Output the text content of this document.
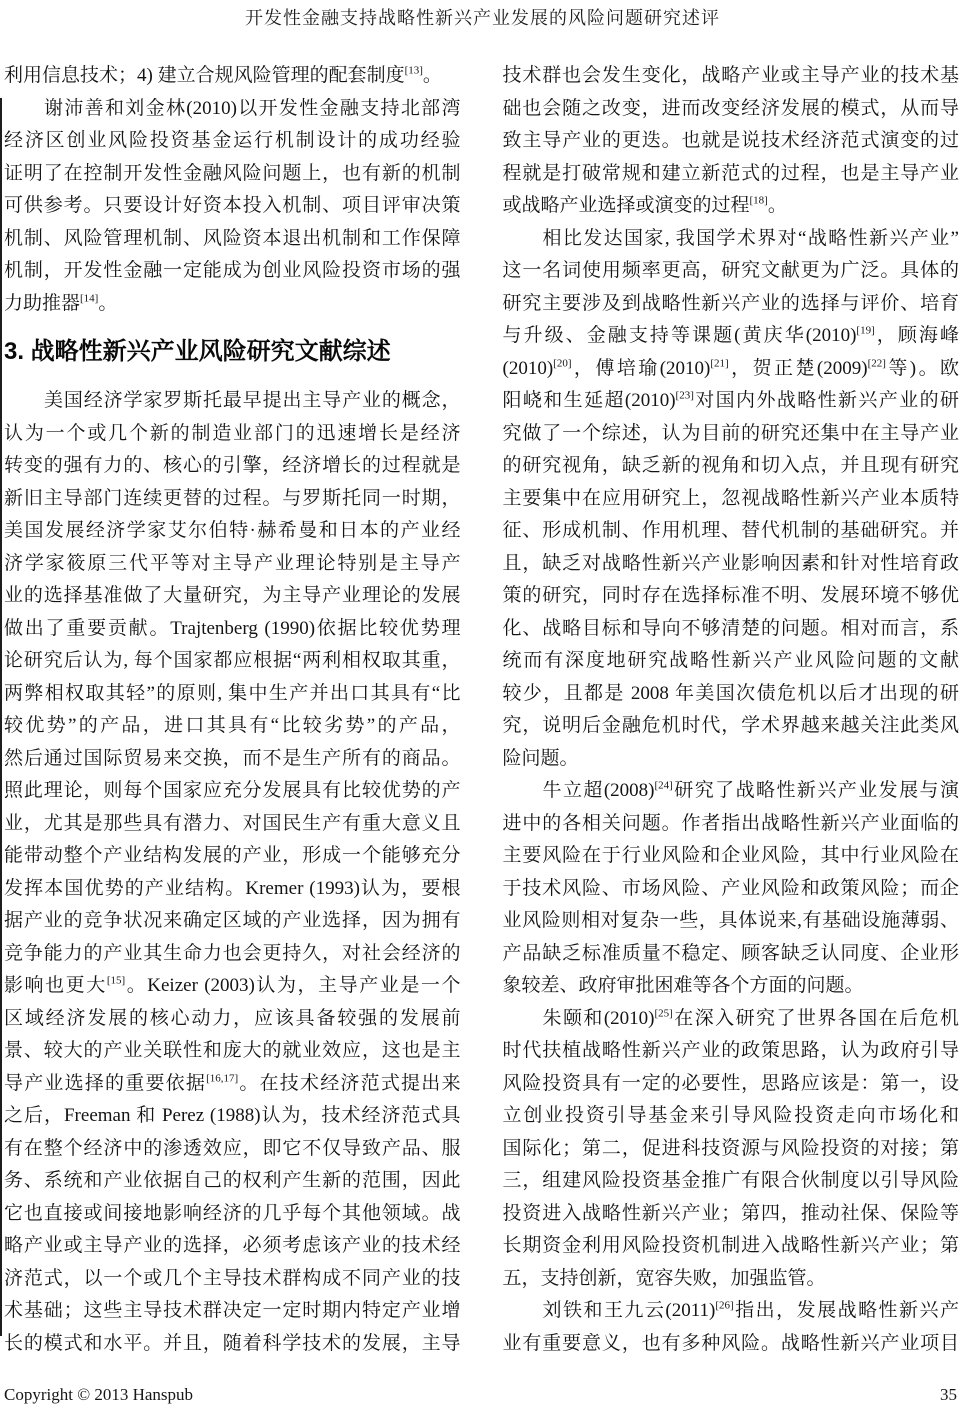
开发性金融支持战略性新兴产业发展的风险问题研究述评
利用信息技术；4) 建立合规风险管理的配套制度[13]。
谢沛善和刘金林(2010)以开发性金融支持北部湾
经济区创业风险投资基金运行机制设计的成功经验
证明了在控制开发性金融风险问题上，也有新的机制
可供参考。只要设计好资本投入机制、项目评审决策
机制、风险管理机制、风险资本退出机制和工作保障
机制，开发性金融一定能成为创业风险投资市场的强
力助推器[14]。
3. 战略性新兴产业风险研究文献综述
美国经济学家罗斯托最早提出主导产业的概念，
认为一个或几个新的制造业部门的迅速增长是经济
转变的强有力的、核心的引擎，经济增长的过程就是
新旧主导部门连续更替的过程。与罗斯托同一时期，
美国发展经济学家艾尔伯特·赫希曼和日本的产业经
济学家筱原三代平等对主导产业理论特别是主导产
业的选择基准做了大量研究，为主导产业理论的发展
做出了重要贡献。Trajtenberg (1990)依据比较优势理
论研究后认为, 每个国家都应根据“两利相权取其重，
两弊相权取其轻”的原则, 集中生产并出口其具有“比
较优势”的产品，进口其具有“比较劣势”的产品，
然后通过国际贸易来交换，而不是生产所有的商品。
照此理论，则每个国家应充分发展具有比较优势的产
业，尤其是那些具有潜力、对国民生产有重大意义且
能带动整个产业结构发展的产业，形成一个能够充分
发挥本国优势的产业结构。Kremer (1993)认为，要根
据产业的竞争状况来确定区域的产业选择，因为拥有
竞争能力的产业其生命力也会更持久，对社会经济的
影响也更大[15]。Keizer (2003)认为，主导产业是一个
区域经济发展的核心动力，应该具备较强的发展前
景、较大的产业关联性和庞大的就业效应，这也是主
导产业选择的重要依据[16,17]。在技术经济范式提出来
之后，Freeman 和 Perez (1988)认为，技术经济范式具
有在整个经济中的渗透效应，即它不仅导致产品、服
务、系统和产业依据自己的权利产生新的范围，因此
它也直接或间接地影响经济的几乎每个其他领域。战
略产业或主导产业的选择，必须考虑该产业的技术经
济范式，以一个或几个主导技术群构成不同产业的技
术基础；这些主导技术群决定一定时期内特定产业增
长的模式和水平。并且，随着科学技术的发展，主导
技术群也会发生变化，战略产业或主导产业的技术基
础也会随之改变，进而改变经济发展的模式，从而导
致主导产业的更迭。也就是说技术经济范式演变的过
程就是打破常规和建立新范式的过程，也是主导产业
或战略产业选择或演变的过程[18]。
相比发达国家, 我国学术界对“战略性新兴产业”
这一名词使用频率更高，研究文献更为广泛。具体的
研究主要涉及到战略性新兴产业的选择与评价、培育
与升级、金融支持等课题(黄庆华(2010)[19]，顾海峰
(2010)[20]，傅培瑜(2010)[21]，贺正楚(2009)[22]等)。欧
阳峣和生延超(2010)[23]对国内外战略性新兴产业的研
究做了一个综述，认为目前的研究还集中在主导产业
的研究视角，缺乏新的视角和切入点，并且现有研究
主要集中在应用研究上，忽视战略性新兴产业本质特
征、形成机制、作用机理、替代机制的基础研究。并
且，缺乏对战略性新兴产业影响因素和针对性培育政
策的研究，同时存在选择标准不明、发展环境不够优
化、战略目标和导向不够清楚的问题。相对而言，系
统而有深度地研究战略性新兴产业风险问题的文献
较少，且都是 2008 年美国次债危机以后才出现的研
究，说明后金融危机时代，学术界越来越关注此类风
险问题。
牛立超(2008)[24]研究了战略性新兴产业发展与演
进中的各相关问题。作者指出战略性新兴产业面临的
主要风险在于行业风险和企业风险，其中行业风险在
于技术风险、市场风险、产业风险和政策风险；而企
业风险则相对复杂一些，具体说来,有基础设施薄弱、
产品缺乏标准质量不稳定、顾客缺乏认同度、企业形
象较差、政府审批困难等各个方面的问题。
朱颐和(2010)[25]在深入研究了世界各国在后危机
时代扶植战略性新兴产业的政策思路，认为政府引导
风险投资具有一定的必要性，思路应该是：第一，设
立创业投资引导基金来引导风险投资走向市场化和
国际化；第二，促进科技资源与风险投资的对接；第
三，组建风险投资基金推广有限合伙制度以引导风险
投资进入战略性新兴产业；第四，推动社保、保险等
长期资金利用风险投资机制进入战略性新兴产业；第
五，支持创新，宽容失败，加强监管。
刘铁和王九云(2011)[26]指出，发展战略性新兴产
业有重要意义，也有多种风险。战略性新兴产业项目
Copyright © 2013 Hanspub	35
